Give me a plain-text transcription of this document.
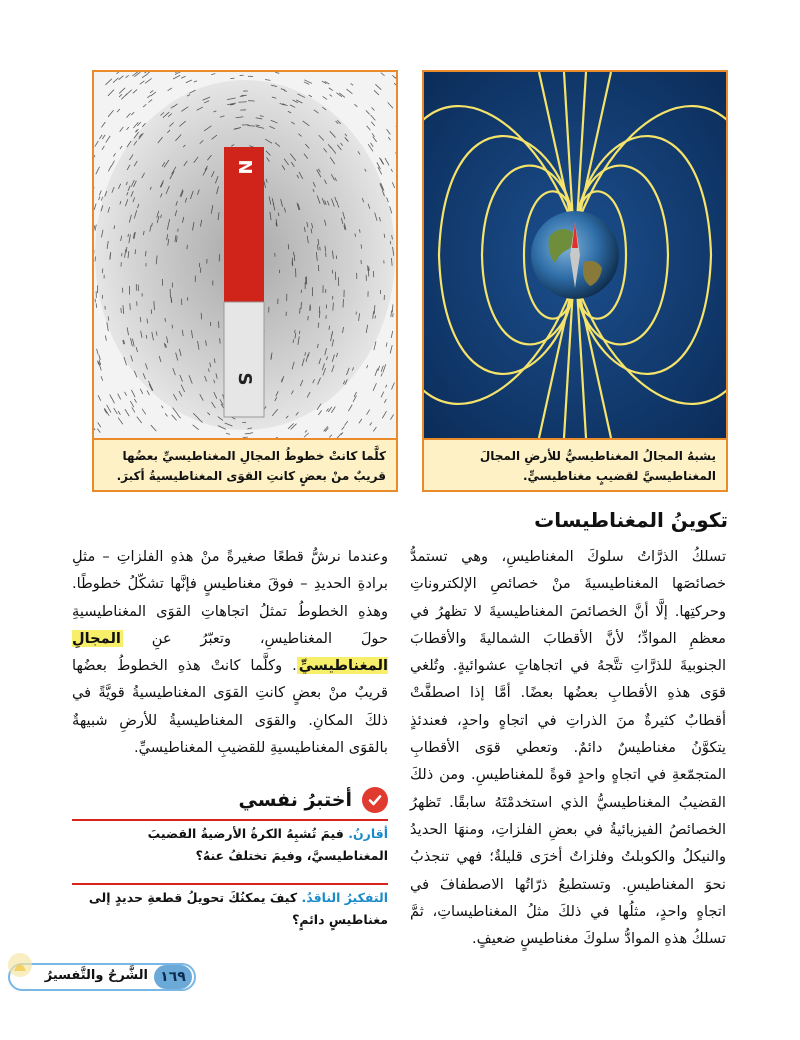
N
S
كلَّما كانتْ خطوطُ المجالِ المغناطيسيِّ بعضُها قريبٌ منْ بعضٍ كانتِ القوَى المغناطيسيةُ أكبرَ.
يشبهُ المجالُ المغناطيسيُّ للأرضِ المجالَ المغناطيسيَّ لقضيبٍ مغناطيسيٍّ.
تكوينُ المغناطيسات
تسلكُ الذرَّاتُ سلوكَ المغناطيسِ، وهي تستمدُّ خصائصَها المغناطيسيةَ منْ خصائصِ الإلكتروناتِ وحركتِها. إلَّا أنَّ الخصائصَ المغناطيسيةَ لا تظهرُ في معظمِ الموادِّ؛ لأنَّ الأقطابَ الشماليةَ والأقطابَ الجنوبيةَ للذرَّاتِ تتَّجهُ في اتجاهاتٍ عشوائيةٍ. وتُلغي قوَى هذهِ الأقطابِ بعضُها بعضًا. أمَّا إذا اصطفَّتْ أقطابٌ كثيرةٌ منَ الذراتِ في اتجاهٍ واحدٍ، فعندئذٍ يتكوَّنُ مغناطيسٌ دائمٌ. وتعطي قوَى الأقطابِ المتجمّعةِ في اتجاهٍ واحدٍ قوةً للمغناطيسِ. ومن ذلكَ القضيبُ المغناطيسيُّ الذي استخدمْتَهُ سابقًا. تَظهرُ الخصائصُ الفيزيائيةُ في بعضِ الفلزاتِ، ومنهَا الحديدُ والنيكلُ والكوبلتُ وفلزاتٌ أخرَى قليلةٌ؛ فهي تنجذبُ نحوَ المغناطيسِ. وتستطيعُ ذرّاتُها الاصطفافَ في اتجاهٍ واحدٍ، مثلُها في ذلكَ مثلُ المغناطيساتِ، ثمَّ تسلكُ هذهِ الموادُّ سلوكَ مغناطيسٍ ضعيفٍ.
وعندما نرشُّ قطعًا صغيرةً منْ هذهِ الفلزاتِ – مثلِ برادةِ الحديدِ – فوقَ مغناطيسٍ فإنَّها تشكّلُ خطوطًا. وهذهِ الخطوطُ تمثلُ اتجاهاتِ القوَى المغناطيسيةِ حولَ المغناطيسِ، وتعبّرُ عنِ المجالِ المغناطيسيِّ. وكلَّما كانتْ هذهِ الخطوطُ بعضُها قريبٌ منْ بعضٍ كانتِ القوَى المغناطيسيةُ قويَّةً في ذلكَ المكانِ. والقوَى المغناطيسيةُ للأرضِ شبيهةٌ بالقوَى المغناطيسيةِ للقضيبِ المغناطيسيِّ.
أختبرُ نفسي
أقارنُ. فيمَ تُشبِهُ الكرةُ الأرضيةُ القضيبَ المغناطيسيَّ، وفيمَ تختلفُ عنهُ؟
التفكيرُ الناقدُ. كيفَ يمكنُكَ تحويلُ قطعةِ حديدٍ إلى مغناطيسٍ دائمٍ؟
١٦٩
الشَّرحُ والتَّفسيرُ
